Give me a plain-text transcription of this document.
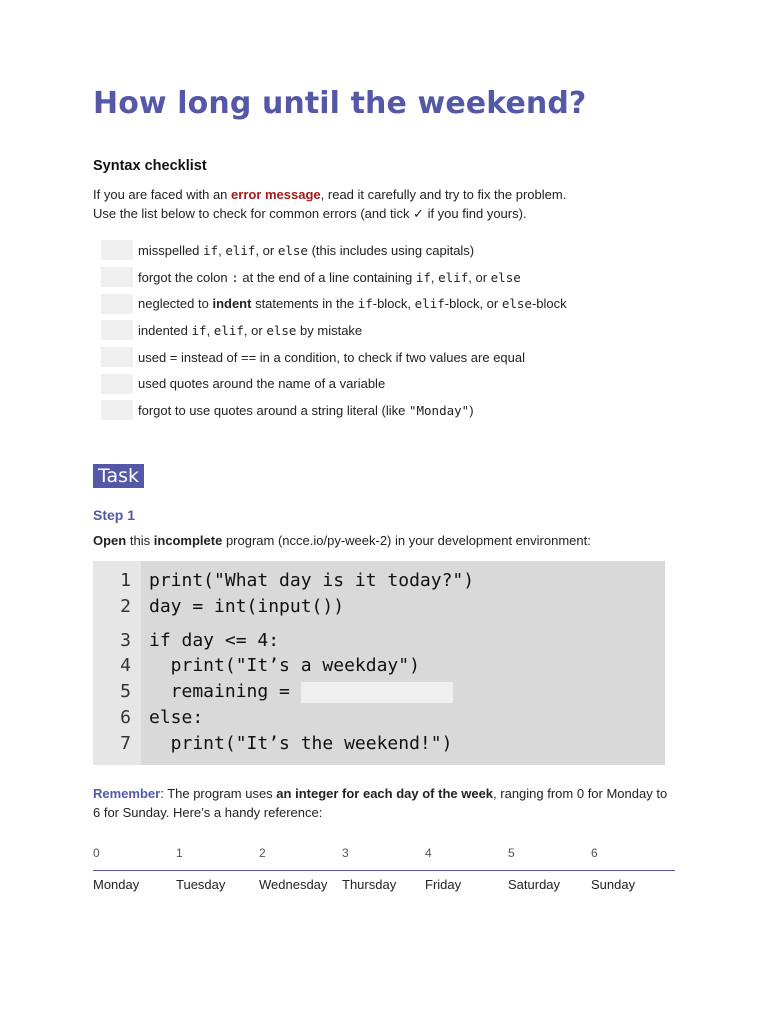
How long until the weekend?
Syntax checklist
If you are faced with an error message, read it carefully and try to fix the problem.
Use the list below to check for common errors (and tick ✓ if you find yours).
misspelled if, elif, or else (this includes using capitals)
forgot the colon : at the end of a line containing if, elif, or else
neglected to indent statements in the if-block, elif-block, or else-block
indented if, elif, or else by mistake
used = instead of == in a condition, to check if two values are equal
used quotes around the name of a variable
forgot to use quotes around a string literal (like "Monday")
Task
Step 1
Open this incomplete program (ncce.io/py-week-2) in your development environment:
1 print("What day is it today?")
2 day = int(input())
3 if day <= 4:
4 print("It’s a weekday")
5 remaining =
6 else:
7 print("It’s the weekend!")
Remember: The program uses an integer for each day of the week, ranging from 0 for Monday to 6 for Sunday. Here’s a handy reference:
0
Monday
1
Tuesday
2
Wednesday
3
Thursday
4
Friday
5
Saturday
6
Sunday
